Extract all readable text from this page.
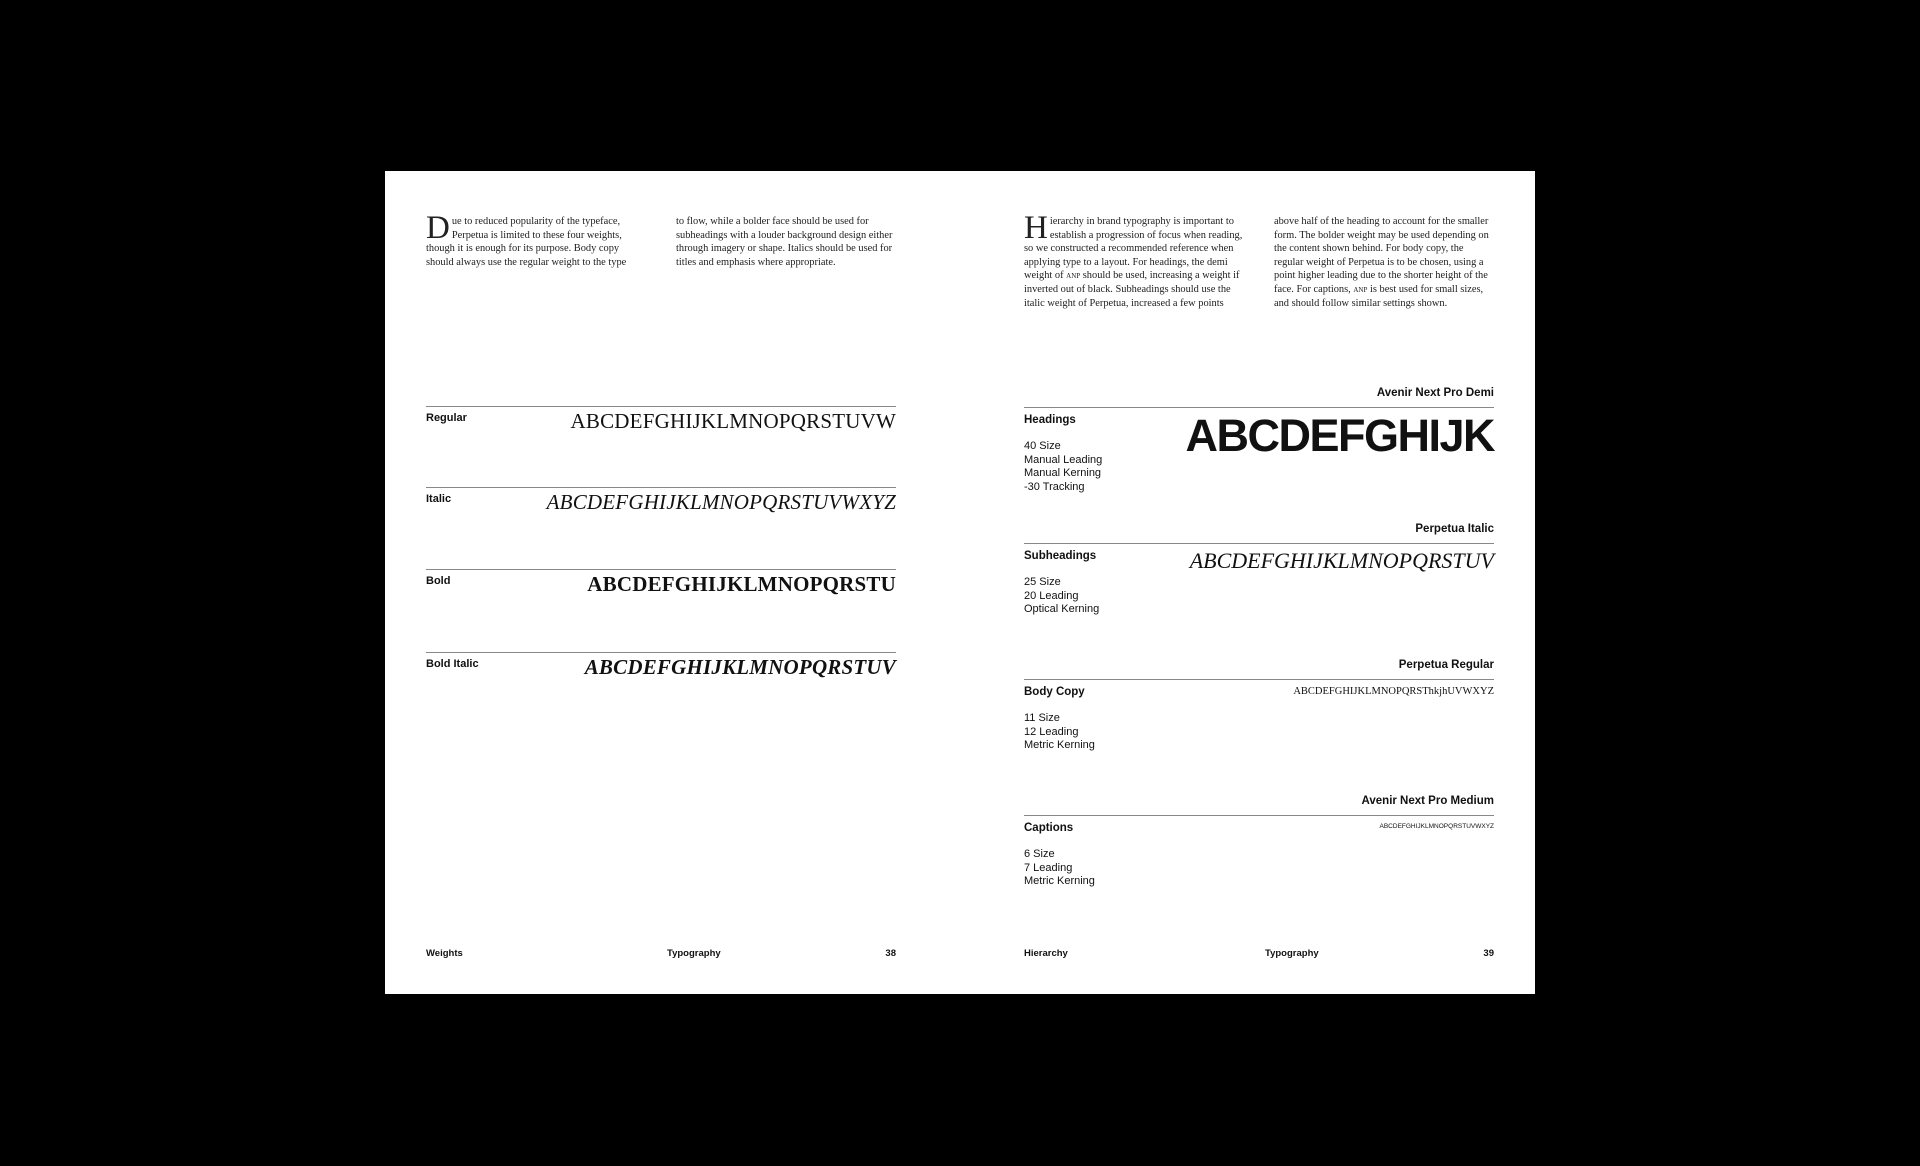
Due to reduced popularity of the typeface, Perpetua is limited to these four weights, though it is enough for its purpose. Body copy should always use the regular weight to the type
to flow, while a bolder face should be used for subheadings with a louder background design either through imagery or shape. Italics should be used for titles and emphasis where appropriate.
Regular	ABCDEFGHIJKLMNOPQRSTUVW
Italic	ABCDEFGHIJKLMNOPQRSTUVWXYZ
Bold	ABCDEFGHIJKLMNOPQRSTU
Bold Italic	ABCDEFGHIJKLMNOPQRSTUV
Weights	Typography	38
Hierarchy in brand typography is important to establish a progression of focus when reading, so we constructed a recommended reference when applying type to a layout. For headings, the demi weight of anp should be used, increasing a weight if inverted out of black. Subheadings should use the italic weight of Perpetua, increased a few points
above half of the heading to account for the smaller form. The bolder weight may be used depending on the content shown behind. For body copy, the regular weight of Perpetua is to be chosen, using a point higher leading due to the shorter height of the face. For captions, anp is best used for small sizes, and should follow similar settings shown.
Avenir Next Pro Demi
Headings ABCDEFGHIJK
40 Size
Manual Leading
Manual Kerning
-30 Tracking
Perpetua Italic
Subheadings	ABCDEFGHIJKLMNOPQRSTUV
25 Size
20 Leading
Optical Kerning
Perpetua Regular
Body Copy	ABCDEFGHIJKLMNOPQRSThkjhUVWXYZ
11 Size
12 Leading
Metric Kerning
Avenir Next Pro Medium
Captions	ABCDEFGHIJKLMNOPQRSTUVWXYZ
6 Size
7 Leading
Metric Kerning
Hierarchy	Typography	39
